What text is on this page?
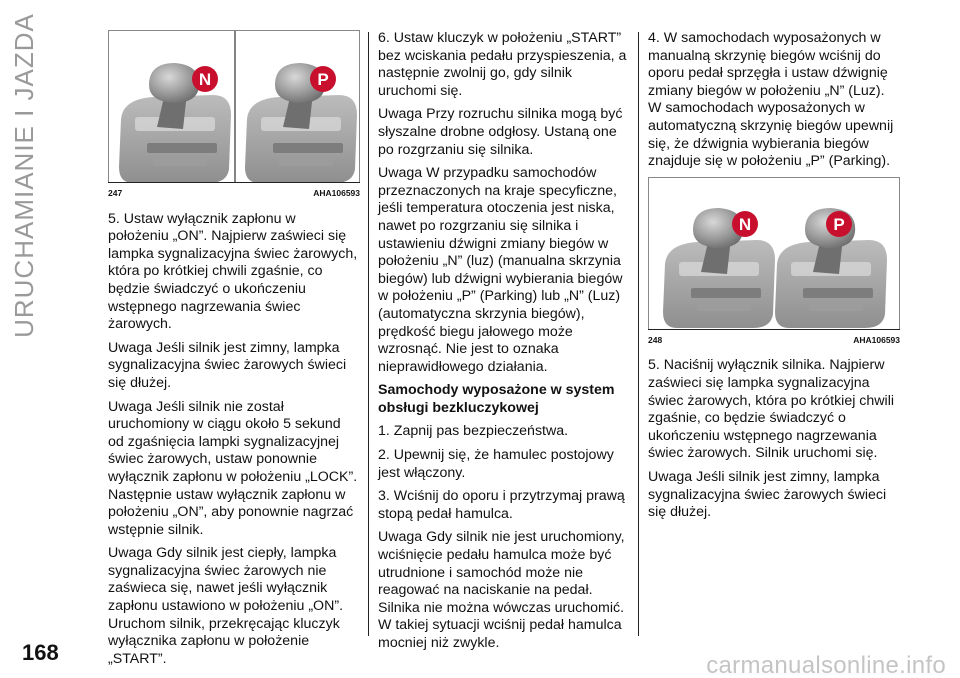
URUCHAMIANIE I JAZDA	N	P
247	AHA106593

5. Ustaw wyłącznik zapłonu w położeniu „ON”. Najpierw zaświeci się lampka sygnalizacyjna świec żarowych, która po krótkiej chwili zgaśnie, co będzie świadczyć o ukończeniu wstępnego nagrzewania świec żarowych.

Uwaga Jeśli silnik jest zimny, lampka sygnalizacyjna świec żarowych świeci się dłużej.

Uwaga Jeśli silnik nie został uruchomiony w ciągu około 5 sekund od zgaśnięcia lampki sygnalizacyjnej świec żarowych, ustaw ponownie wyłącznik zapłonu w położeniu „LOCK”. Następnie ustaw wyłącznik zapłonu w położeniu „ON”, aby ponownie nagrzać wstępnie silnik.

Uwaga Gdy silnik jest ciepły, lampka sygnalizacyjna świec żarowych nie zaświeca się, nawet jeśli wyłącznik zapłonu ustawiono w położeniu „ON”. Uruchom silnik, przekręcając kluczyk wyłącznika zapłonu w położenie „START”.

6. Ustaw kluczyk w położeniu „START” bez wciskania pedału przyspieszenia, a następnie zwolnij go, gdy silnik uruchomi się.

Uwaga Przy rozruchu silnika mogą być słyszalne drobne odgłosy. Ustaną one po rozgrzaniu się silnika.

Uwaga W przypadku samochodów przeznaczonych na kraje specyficzne, jeśli temperatura otoczenia jest niska, nawet po rozgrzaniu się silnika i ustawieniu dźwigni zmiany biegów w położeniu „N” (luz) (manualna skrzynia biegów) lub dźwigni wybierania biegów w położeniu „P” (Parking) lub „N” (Luz) (automatyczna skrzynia biegów), prędkość biegu jałowego może wzrosnąć. Nie jest to oznaka nieprawidłowego działania.

Samochody wyposażone w system obsługi bezkluczykowej

1. Zapnij pas bezpieczeństwa.

2. Upewnij się, że hamulec postojowy jest włączony.

3. Wciśnij do oporu i przytrzymaj prawą stopą pedał hamulca.

Uwaga Gdy silnik nie jest uruchomiony, wciśnięcie pedału hamulca może być utrudnione i samochód może nie reagować na naciskanie na pedał. Silnika nie można wówczas uruchomić. W takiej sytuacji wciśnij pedał hamulca mocniej niż zwykle.

4. W samochodach wyposażonych w manualną skrzynię biegów wciśnij do oporu pedał sprzęgła i ustaw dźwignię zmiany biegów w położeniu „N” (Luz). W samochodach wyposażonych w automatyczną skrzynię biegów upewnij się, że dźwignia wybierania biegów znajduje się w położeniu „P” (Parking).

N	P
248	AHA106593

5. Naciśnij wyłącznik silnika. Najpierw zaświeci się lampka sygnalizacyjna świec żarowych, która po krótkiej chwili zgaśnie, co będzie świadczyć o ukończeniu wstępnego nagrzewania świec żarowych. Silnik uruchomi się.

Uwaga Jeśli silnik jest zimny, lampka sygnalizacyjna świec żarowych świeci się dłużej.

168	carmanualsonline.info
